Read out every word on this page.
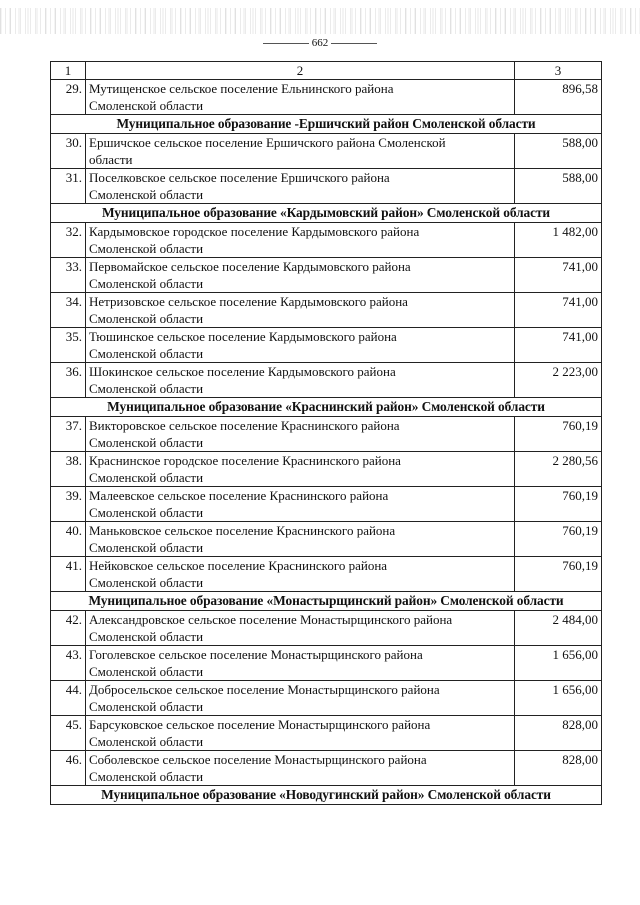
662
1	2	3
29.	Мутищенское сельское поселение Ельнинского района
Смоленской области	896,58
Муниципальное образование -Ершичский район Смоленской области		
30.	Ершичское сельское поселение Ершичского района Смоленской
области	588,00
31.	Поселковское сельское поселение Ершичского района
Смоленской области	588,00
Муниципальное образование «Кардымовский район» Смоленской области		
32.	Кардымовское городское поселение Кардымовского района
Смоленской области	1 482,00
33.	Первомайское сельское поселение Кардымовского района
Смоленской области	741,00
34.	Нетризовское сельское поселение Кардымовского района
Смоленской области	741,00
35.	Тюшинское сельское поселение Кардымовского района
Смоленской области	741,00
36.	Шокинское сельское поселение Кардымовского района
Смоленской области	2 223,00
Муниципальное образование «Краснинский район» Смоленской области		
37.	Викторовское сельское поселение Краснинского района
Смоленской области	760,19
38.	Краснинское городское поселение Краснинского района
Смоленской области	2 280,56
39.	Малеевское сельское поселение Краснинского района
Смоленской области	760,19
40.	Маньковское сельское поселение Краснинского района
Смоленской области	760,19
41.	Нейковское сельское поселение Краснинского района
Смоленской области	760,19
Муниципальное образование «Монастырщинский район» Смоленской области		
42.	Александровское сельское поселение Монастырщинского района
Смоленской области	2 484,00
43.	Гоголевское сельское поселение Монастырщинского района
Смоленской области	1 656,00
44.	Добросельское сельское поселение Монастырщинского района
Смоленской области	1 656,00
45.	Барсуковское сельское поселение Монастырщинского района
Смоленской области	828,00
46.	Соболевское сельское поселение Монастырщинского района
Смоленской области	828,00
Муниципальное образование «Новодугинский район» Смоленской области		
